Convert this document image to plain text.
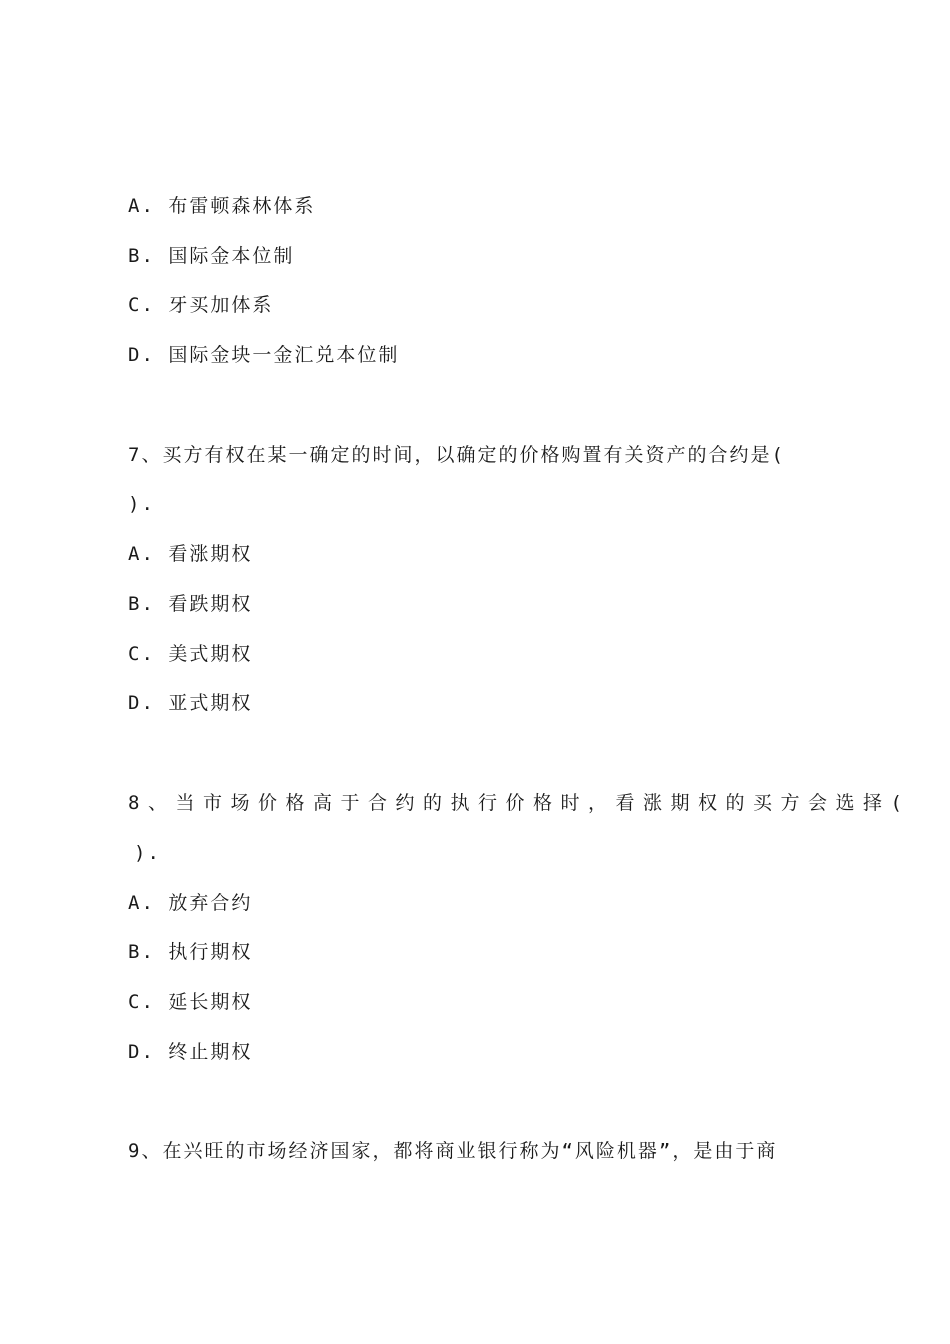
A. 布雷顿森林体系
B. 国际金本位制
C. 牙买加体系
D. 国际金块一金汇兑本位制
7、买方有权在某一确定的时间，以确定的价格购置有关资产的合约是(
).
A. 看涨期权
B. 看跌期权
C. 美式期权
D. 亚式期权
8、当市场价格高于合约的执行价格时，看涨期权的买方会选择(
).
A. 放弃合约
B. 执行期权
C. 延长期权
D. 终止期权
9、在兴旺的市场经济国家，都将商业银行称为“风险机器”，是由于商
